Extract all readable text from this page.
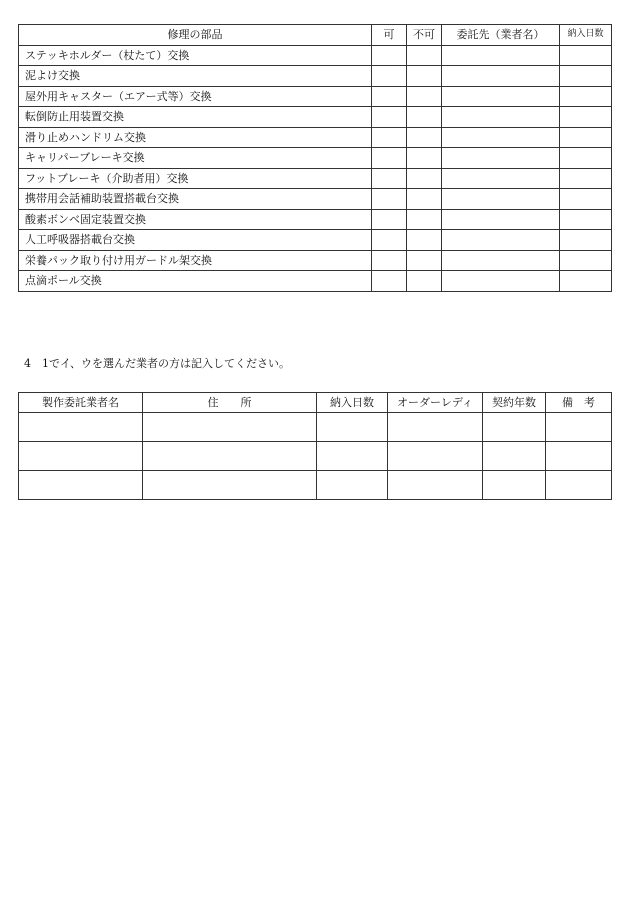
修理の部品	可	不可	委託先（業者名）	納入日数
ステッキホルダー（杖たて）交換				
泥よけ交換				
屋外用キャスター（エアー式等）交換				
転倒防止用装置交換				
滑り止めハンドリム交換				
キャリパーブレーキ交換				
フットブレーキ（介助者用）交換				
携帯用会話補助装置搭載台交換				
酸素ボンベ固定装置交換				
人工呼吸器搭載台交換				
栄養パック取り付け用ガードル架交換				
点滴ポール交換				
4　1でイ、ウを選んだ業者の方は記入してください。
製作委託業者名	住　　所	納入日数	オーダーレディ	契約年数	備　考
